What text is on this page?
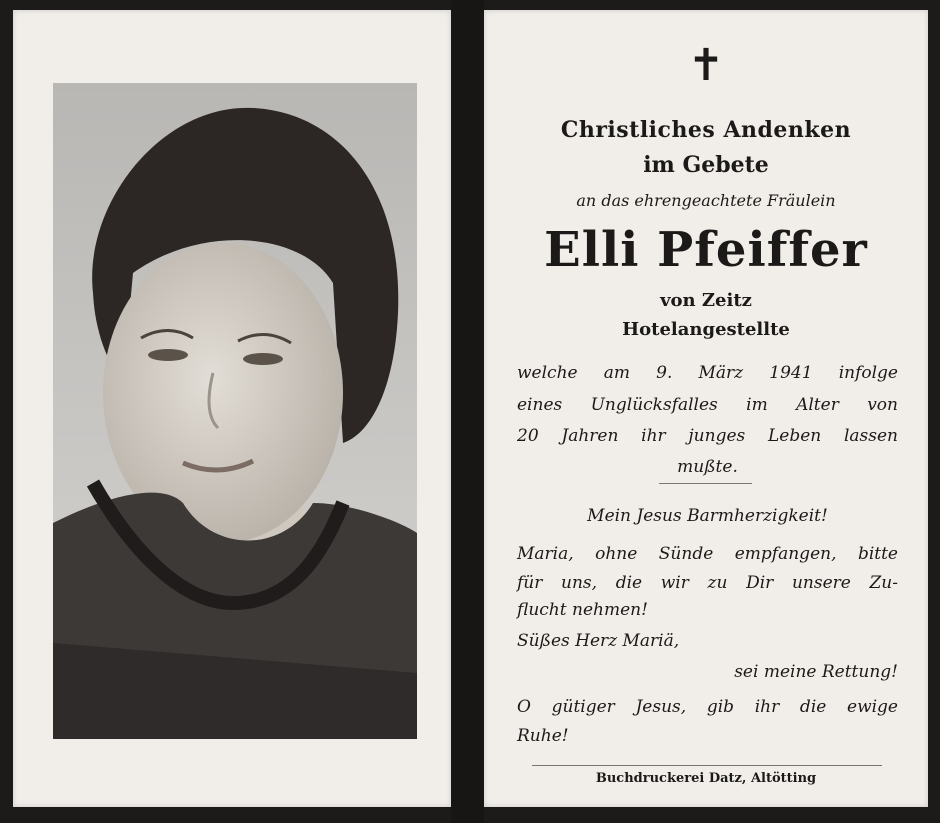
✝
Christliches Andenken
im Gebete
an das ehrengeachtete Fräulein
Elli Pfeiffer
von Zeitz
Hotelangestellte
welche am 9. März 1941 infolge
eines Unglücksfalles im Alter von
20 Jahren ihr junges Leben lassen
mußte.
Mein Jesus Barmherzigkeit!
Maria, ohne Sünde empfangen, bitte
für uns, die wir zu Dir unsere Zu-
flucht nehmen!
Süßes Herz Mariä,
sei meine Rettung!
O gütiger Jesus, gib ihr die ewige
Ruhe!
Buchdruckerei Datz, Altötting
